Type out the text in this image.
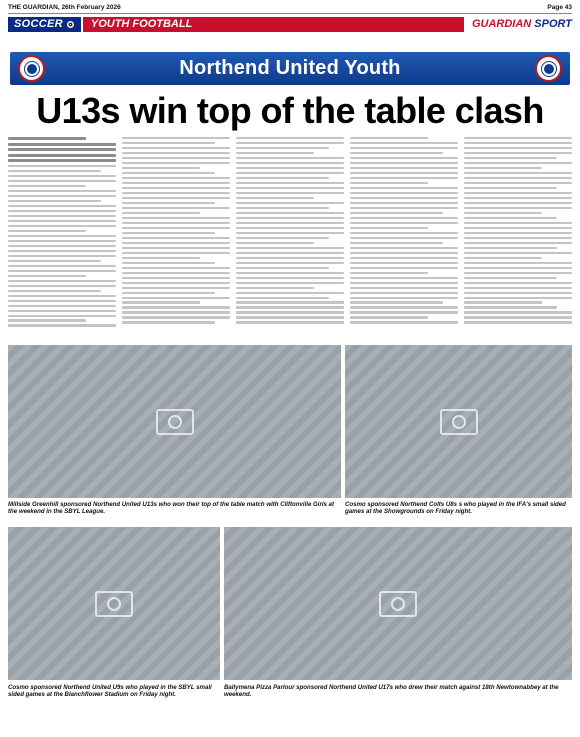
THE GUARDIAN, 26th February 2026	Page 43
SOCCER	YOUTH FOOTBALL	GUARDIAN SPORT
Northend United Youth
U13s win top of the table clash
Millside Greenhill sponsored Northend United U13s who won their top of the table match with Cliftonville Girls at the weekend in the SBYL League.
Cosmo sponsored Northend Colts U8s s who played in the IFA's small sided games at the Showgrounds on Friday night.
Cosmo sponsored Northend United U9s who played in the SBYL small sided games at the Blanchflower Stadium on Friday night.
Ballymena Pizza Parlour sponsored Northend United U17s who drew their match against 18th Newtownabbey at the weekend.
